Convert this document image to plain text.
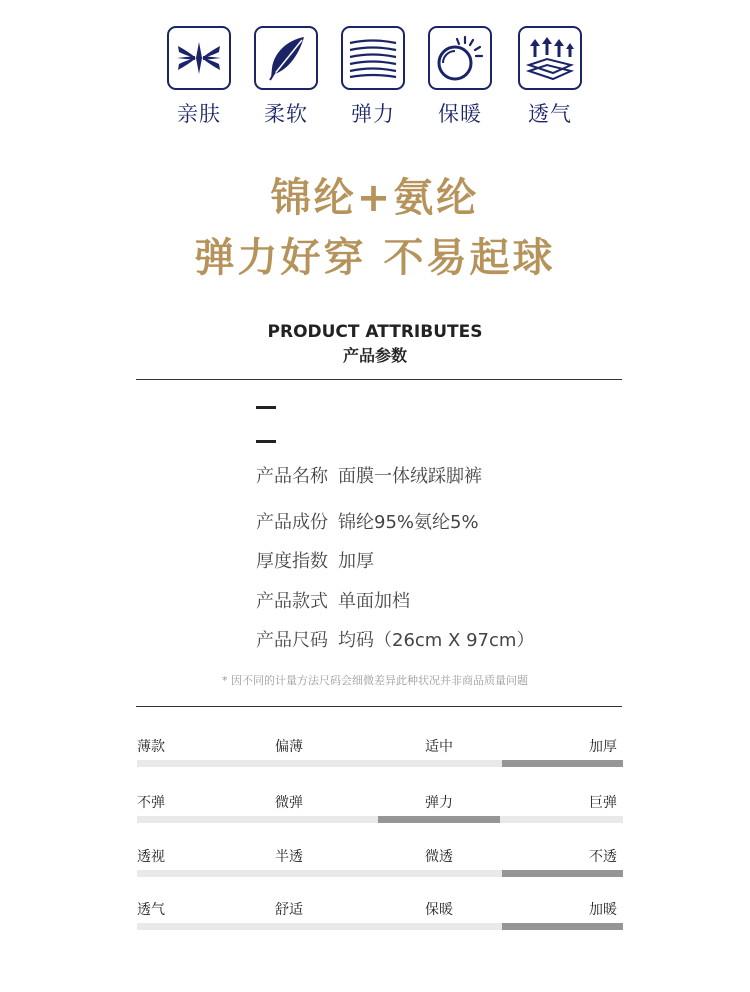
亲肤	柔软	弹力	保暖	透气
锦纶+氨纶
弹力好穿 不易起球
PRODUCT ATTRIBUTES
产品参数
产品名称 面膜一体绒踩脚裤
产品成份 锦纶95%氨纶5%
厚度指数 加厚
产品款式 单面加档
产品尺码 均码（26cm X 97cm）
* 因不同的计量方法尺码会细微差异此种状况并非商品质量问题
薄款	偏薄	适中	加厚
不弹	微弹	弹力	巨弹
透视	半透	微透	不透
透气	舒适	保暖	加暖
